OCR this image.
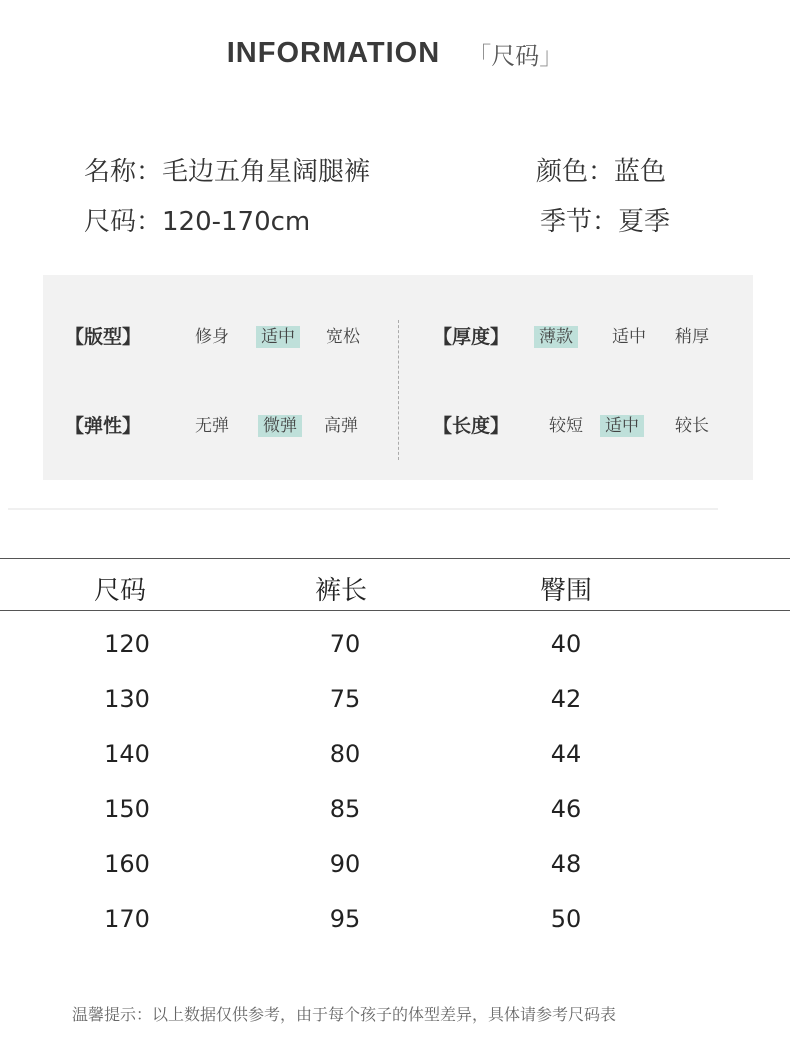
INFORMATION 「尺码」
名称：毛边五角星阔腿裤	颜色：蓝色
尺码：120-170cm	季节：夏季
【版型】	修身 适中 宽松
【弹性】	无弹 微弹 高弹
【厚度】 薄款 适中 稍厚
【长度】 较短 适中 较长
尺码	裤长	臀围
120	70	40
130	75	42
140	80	44
150	85	46
160	90	48
170	95	50
温馨提示：以上数据仅供参考，由于每个孩子的体型差异，具体请参考尺码表
